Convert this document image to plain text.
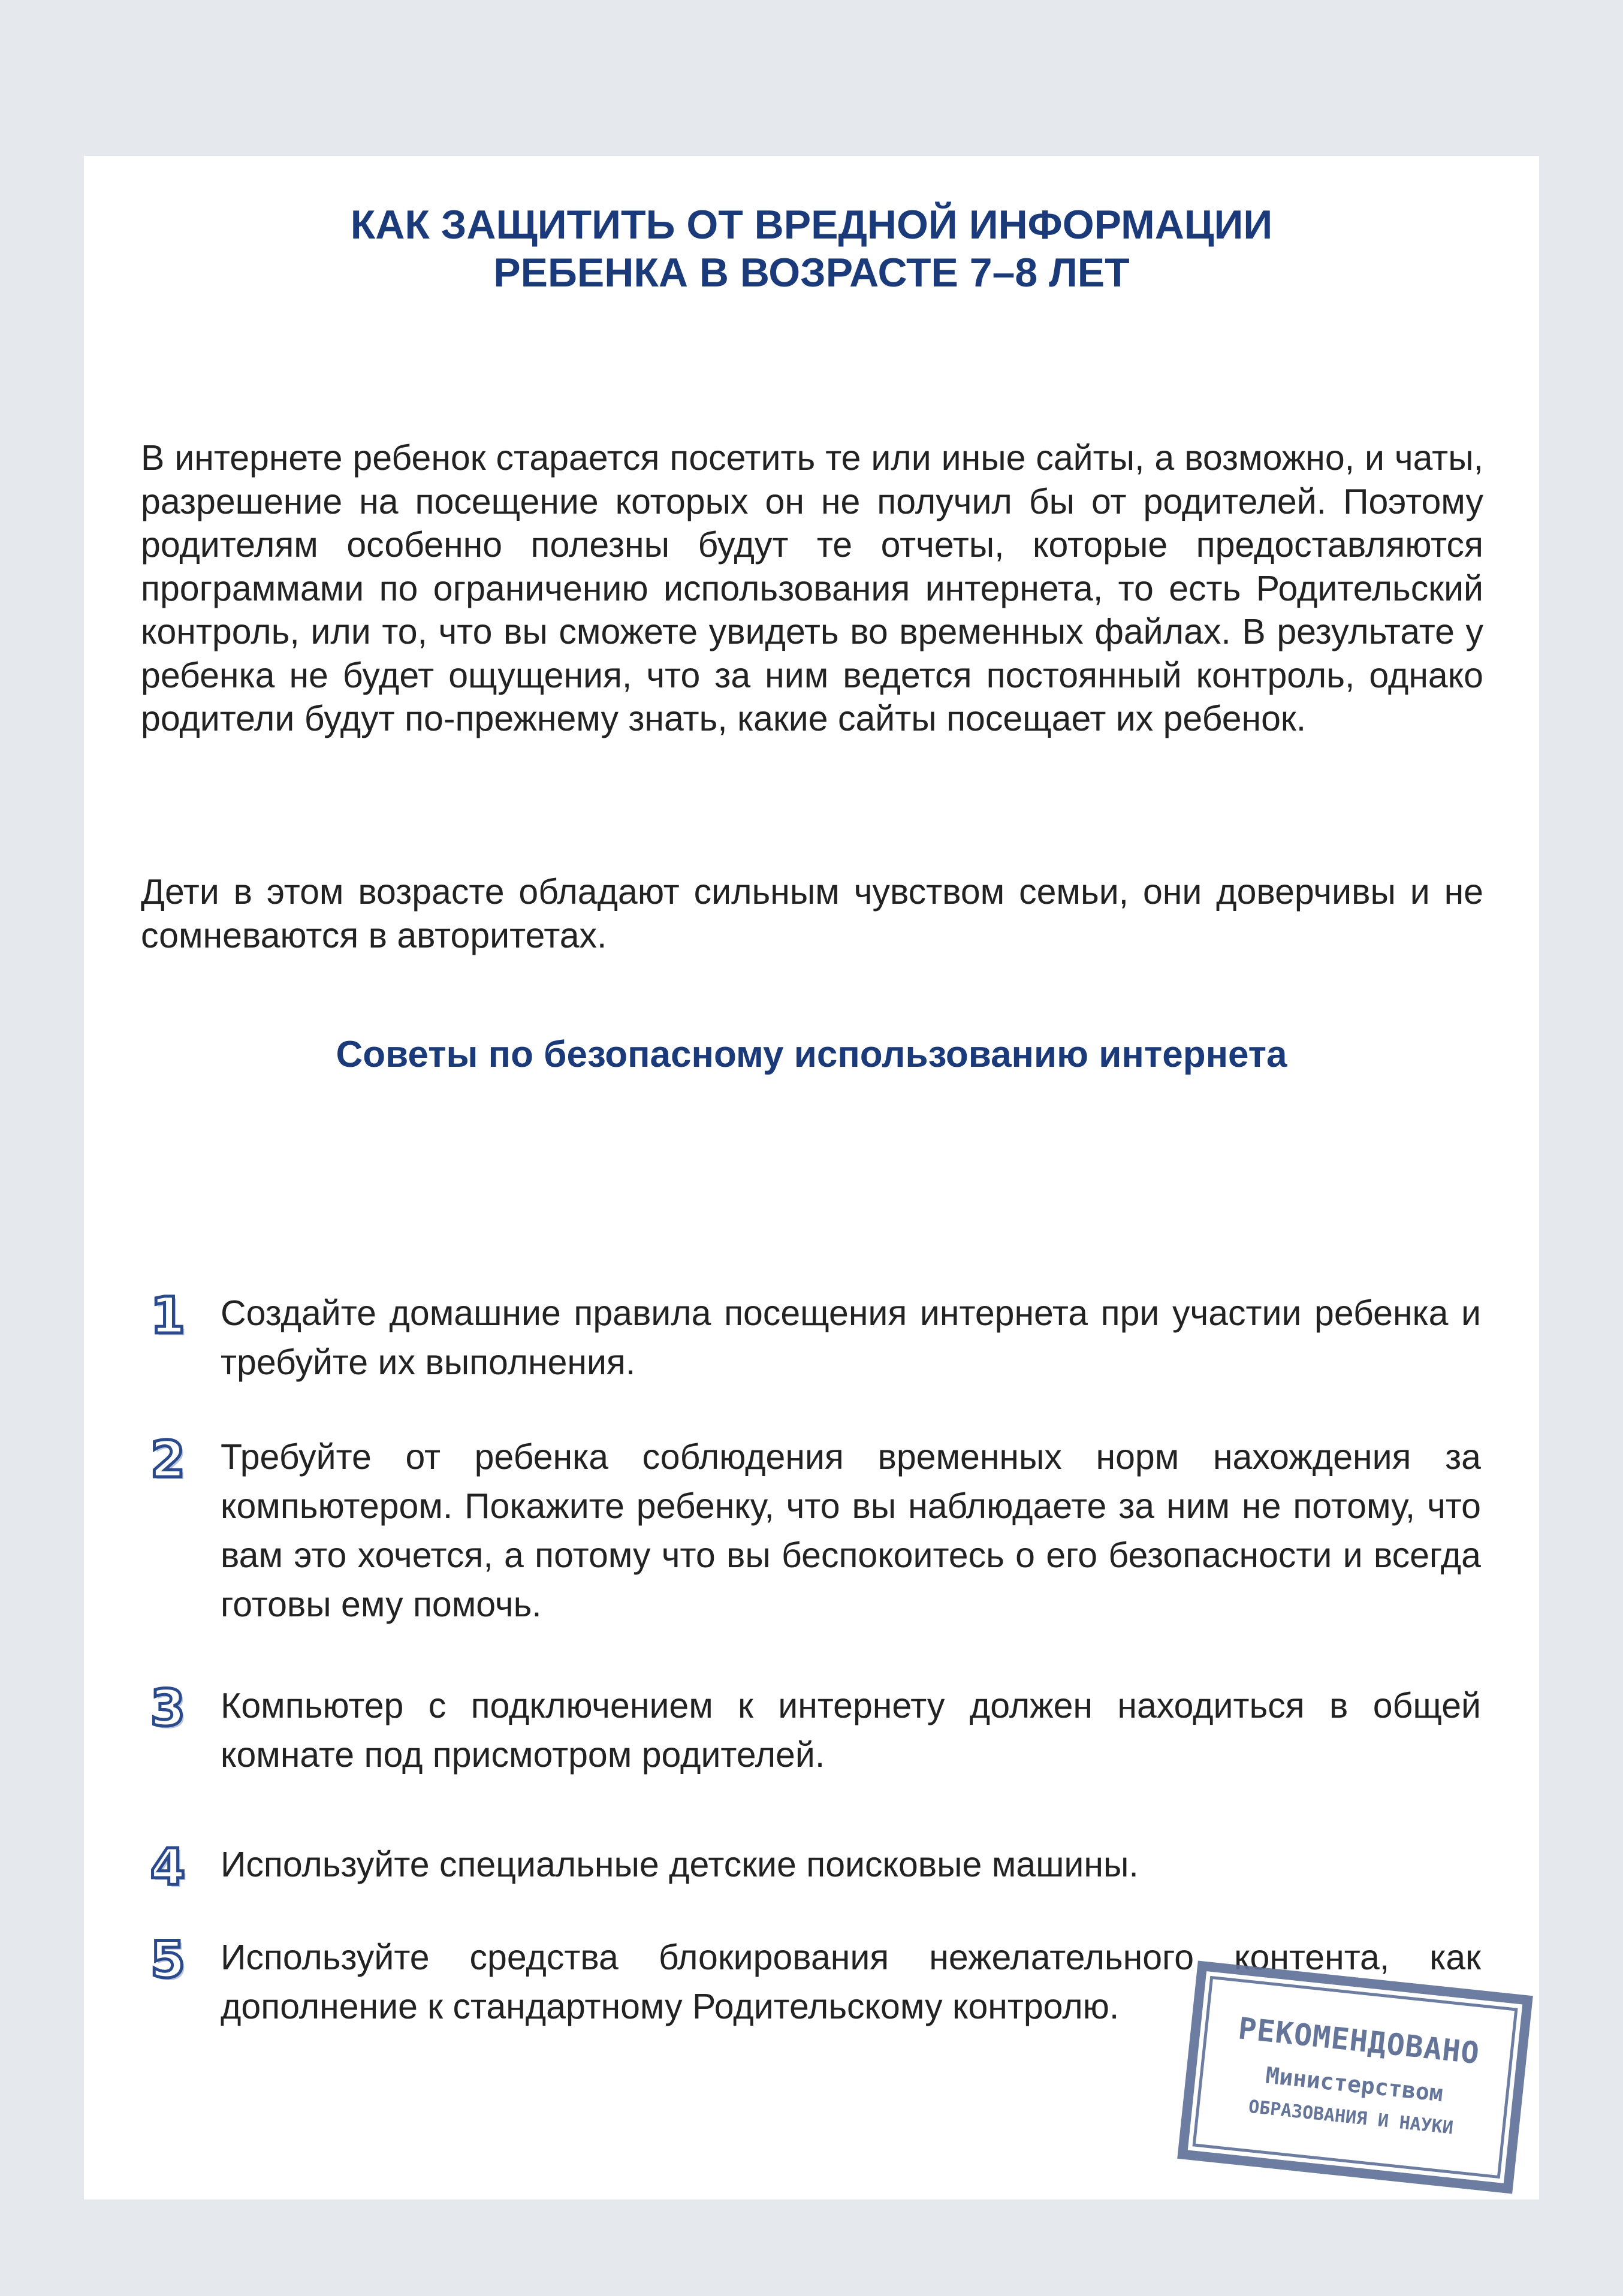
КАК ЗАЩИТИТЬ ОТ ВРЕДНОЙ ИНФОРМАЦИИ
РЕБЕНКА В ВОЗРАСТЕ 7–8 ЛЕТ

В интернете ребенок старается посетить те или иные сайты, а возможно, и чаты, разрешение на посещение которых он не получил бы от родителей. Поэтому родителям особенно полезны будут те отчеты, которые предоставляются программами по ограничению использования интернета, то есть Родительский контроль, или то, что вы сможете увидеть во временных файлах. В результате у ребенка не будет ощущения, что за ним ведется постоянный контроль, однако родители будут по-прежнему знать, какие сайты посещает их ребенок.

Дети в этом возрасте обладают сильным чувством семьи, они доверчивы и не сомневаются в авторитетах.

Советы по безопасному использованию интернета
1 Создайте домашние правила посещения интернета при участии ребенка и требуйте их выполнения.

2 Требуйте от ребенка соблюдения временных норм нахождения за компьютером. Покажите ребенку, что вы наблюдаете за ним не потому, что вам это хочется, а потому что вы беспокоитесь о его безопасности и всегда готовы ему помочь.

3 Компьютер с подключением к интернету должен находиться в общей комнате под присмотром родителей.

4 Используйте специальные детские поисковые машины.

5 Используйте средства блокирования нежелательного контента, как дополнение к стандартному Родительскому контролю.

РЕКОМЕНДОВАНО
Министерством
ОБРАЗОВАНИЯ И НАУКИ
